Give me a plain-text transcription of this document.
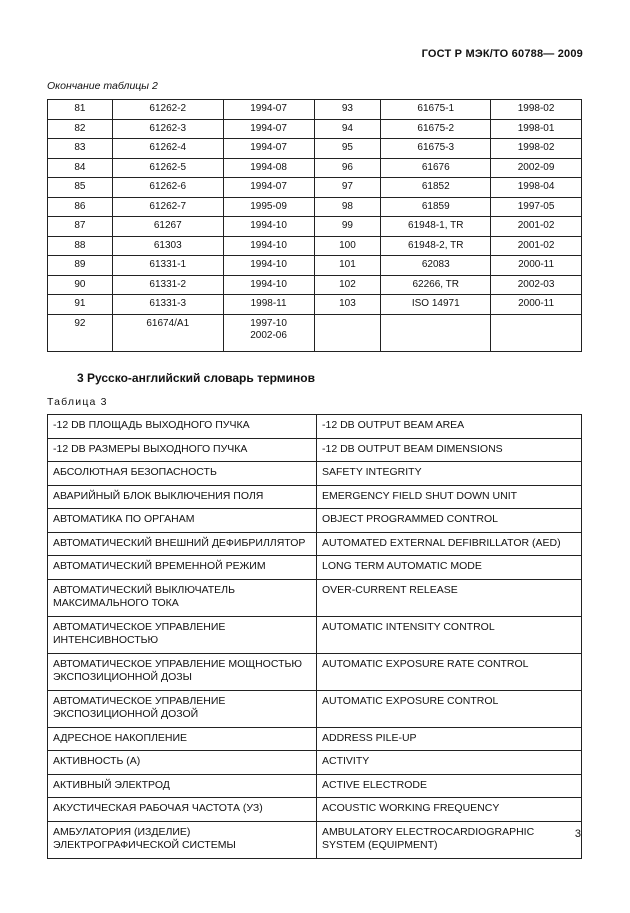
ГОСТ Р МЭК/ТО 60788— 2009
Окончание таблицы 2
81	61262-2	1994-07	93	61675-1	1998-02
82	61262-3	1994-07	94	61675-2	1998-01
83	61262-4	1994-07	95	61675-3	1998-02
84	61262-5	1994-08	96	61676	2002-09
85	61262-6	1994-07	97	61852	1998-04
86	61262-7	1995-09	98	61859	1997-05
87	61267	1994-10	99	61948-1, TR	2001-02
88	61303	1994-10	100	61948-2, TR	2001-02
89	61331-1	1994-10	101	62083	2000-11
90	61331-2	1994-10	102	62266, TR	2002-03
91	61331-3	1998-11	103	ISO 14971	2000-11
92	61674/A1	1997-10
2002-06			

3 Русско-английский словарь терминов
Таблица 3
-12 DB ПЛОЩАДЬ ВЫХОДНОГО ПУЧКА	-12 DB OUTPUT BEAM AREA
-12 DB РАЗМЕРЫ ВЫХОДНОГО ПУЧКА	-12 DB OUTPUT BEAM DIMENSIONS
АБСОЛЮТНАЯ БЕЗОПАСНОСТЬ	SAFETY INTEGRITY
АВАРИЙНЫЙ БЛОК ВЫКЛЮЧЕНИЯ ПОЛЯ	EMERGENCY FIELD SHUT DOWN UNIT
АВТОМАТИКА ПО ОРГАНАМ	OBJECT PROGRAMMED CONTROL
АВТОМАТИЧЕСКИЙ ВНЕШНИЙ ДЕФИБРИЛЛЯТОР	AUTOMATED EXTERNAL DEFIBRILLATOR (AED)
АВТОМАТИЧЕСКИЙ ВРЕМЕННОЙ РЕЖИМ	LONG TERM AUTOMATIC MODE
АВТОМАТИЧЕСКИЙ ВЫКЛЮЧАТЕЛЬ МАКСИМАЛЬНОГО ТОКА	OVER-CURRENT RELEASE
АВТОМАТИЧЕСКОЕ УПРАВЛЕНИЕ ИНТЕНСИВНОСТЬЮ	AUTOMATIC INTENSITY CONTROL
АВТОМАТИЧЕСКОЕ УПРАВЛЕНИЕ МОЩНОСТЬЮ ЭКСПОЗИЦИОННОЙ ДОЗЫ	AUTOMATIC EXPOSURE RATE CONTROL
АВТОМАТИЧЕСКОЕ УПРАВЛЕНИЕ ЭКСПОЗИЦИОННОЙ ДОЗОЙ	AUTOMATIC EXPOSURE CONTROL
АДРЕСНОЕ НАКОПЛЕНИЕ	ADDRESS PILE-UP
АКТИВНОСТЬ (А)	ACTIVITY
АКТИВНЫЙ ЭЛЕКТРОД	ACTIVE ELECTRODE
АКУСТИЧЕСКАЯ РАБОЧАЯ ЧАСТОТА (УЗ)	ACOUSTIC WORKING FREQUENCY
АМБУЛАТОРИЯ (ИЗДЕЛИЕ) ЭЛЕКТРОГРАФИЧЕСКОЙ СИСТЕМЫ	AMBULATORY ELECTROCARDIOGRAPHIC SYSTEM (EQUIPMENT)
3
